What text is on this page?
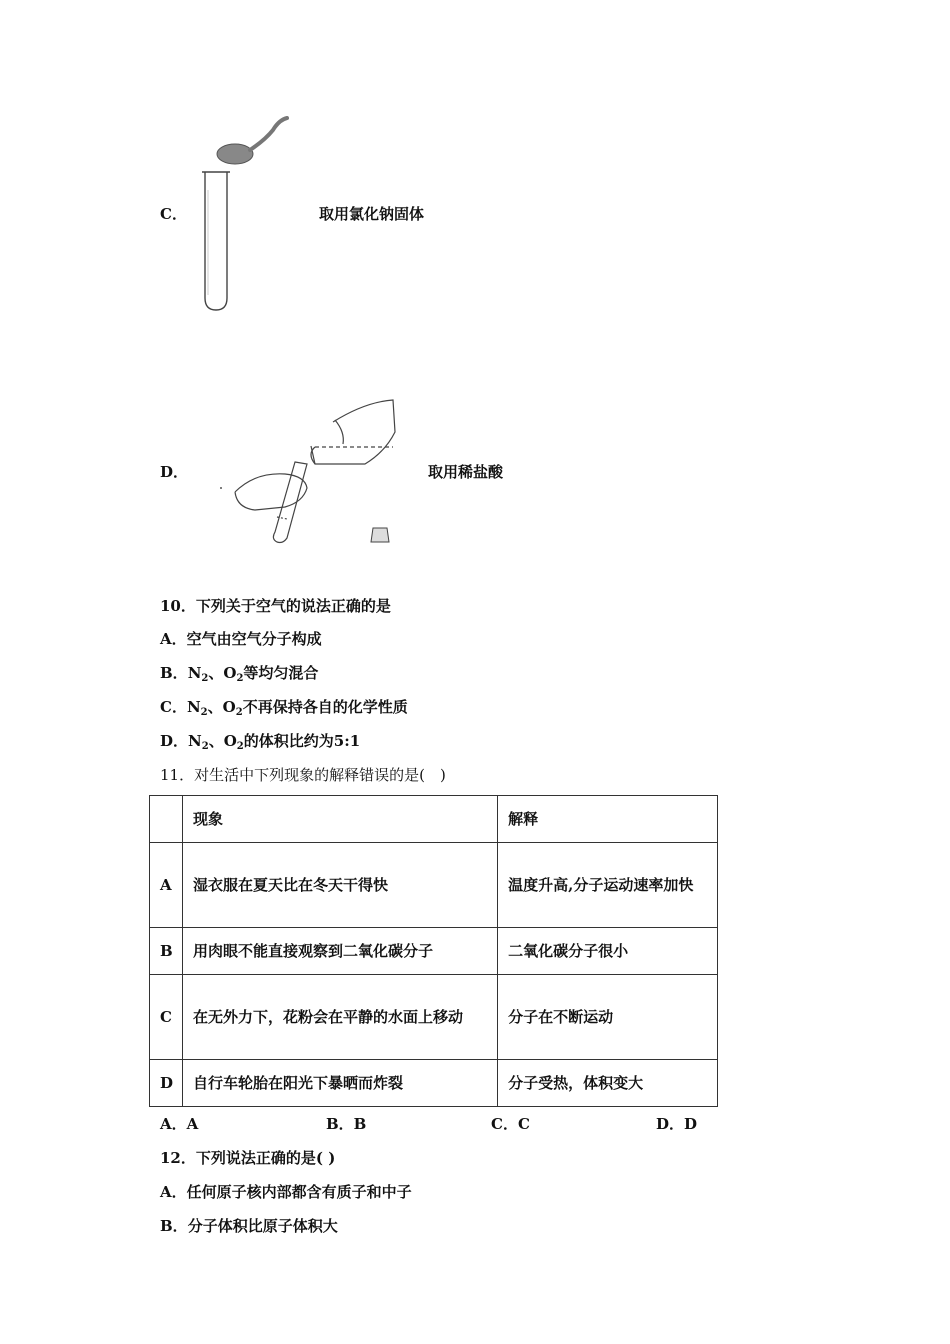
C．	取用氯化钠固体
D．	取用稀盐酸
10．下列关于空气的说法正确的是
A．空气由空气分子构成
B．$N_2$、$O_2$等均匀混合
C．$N_2$、$O_2$不再保持各自的化学性质
D．$N_2$、$O_2$的体积比约为5:1
11．对生活中下列现象的解释错误的是(　)
	现象	解释
A	湿衣服在夏天比在冬天干得快	温度升高,分子运动速率加快
B	用肉眼不能直接观察到二氧化碳分子	二氧化碳分子很小
C	在无外力下，花粉会在平静的水面上移动	分子在不断运动
D	自行车轮胎在阳光下暴晒而炸裂	分子受热，体积变大
A．A	B．B	C．C	D．D
12．下列说法正确的是( )
A．任何原子核内部都含有质子和中子
B．分子体积比原子体积大
